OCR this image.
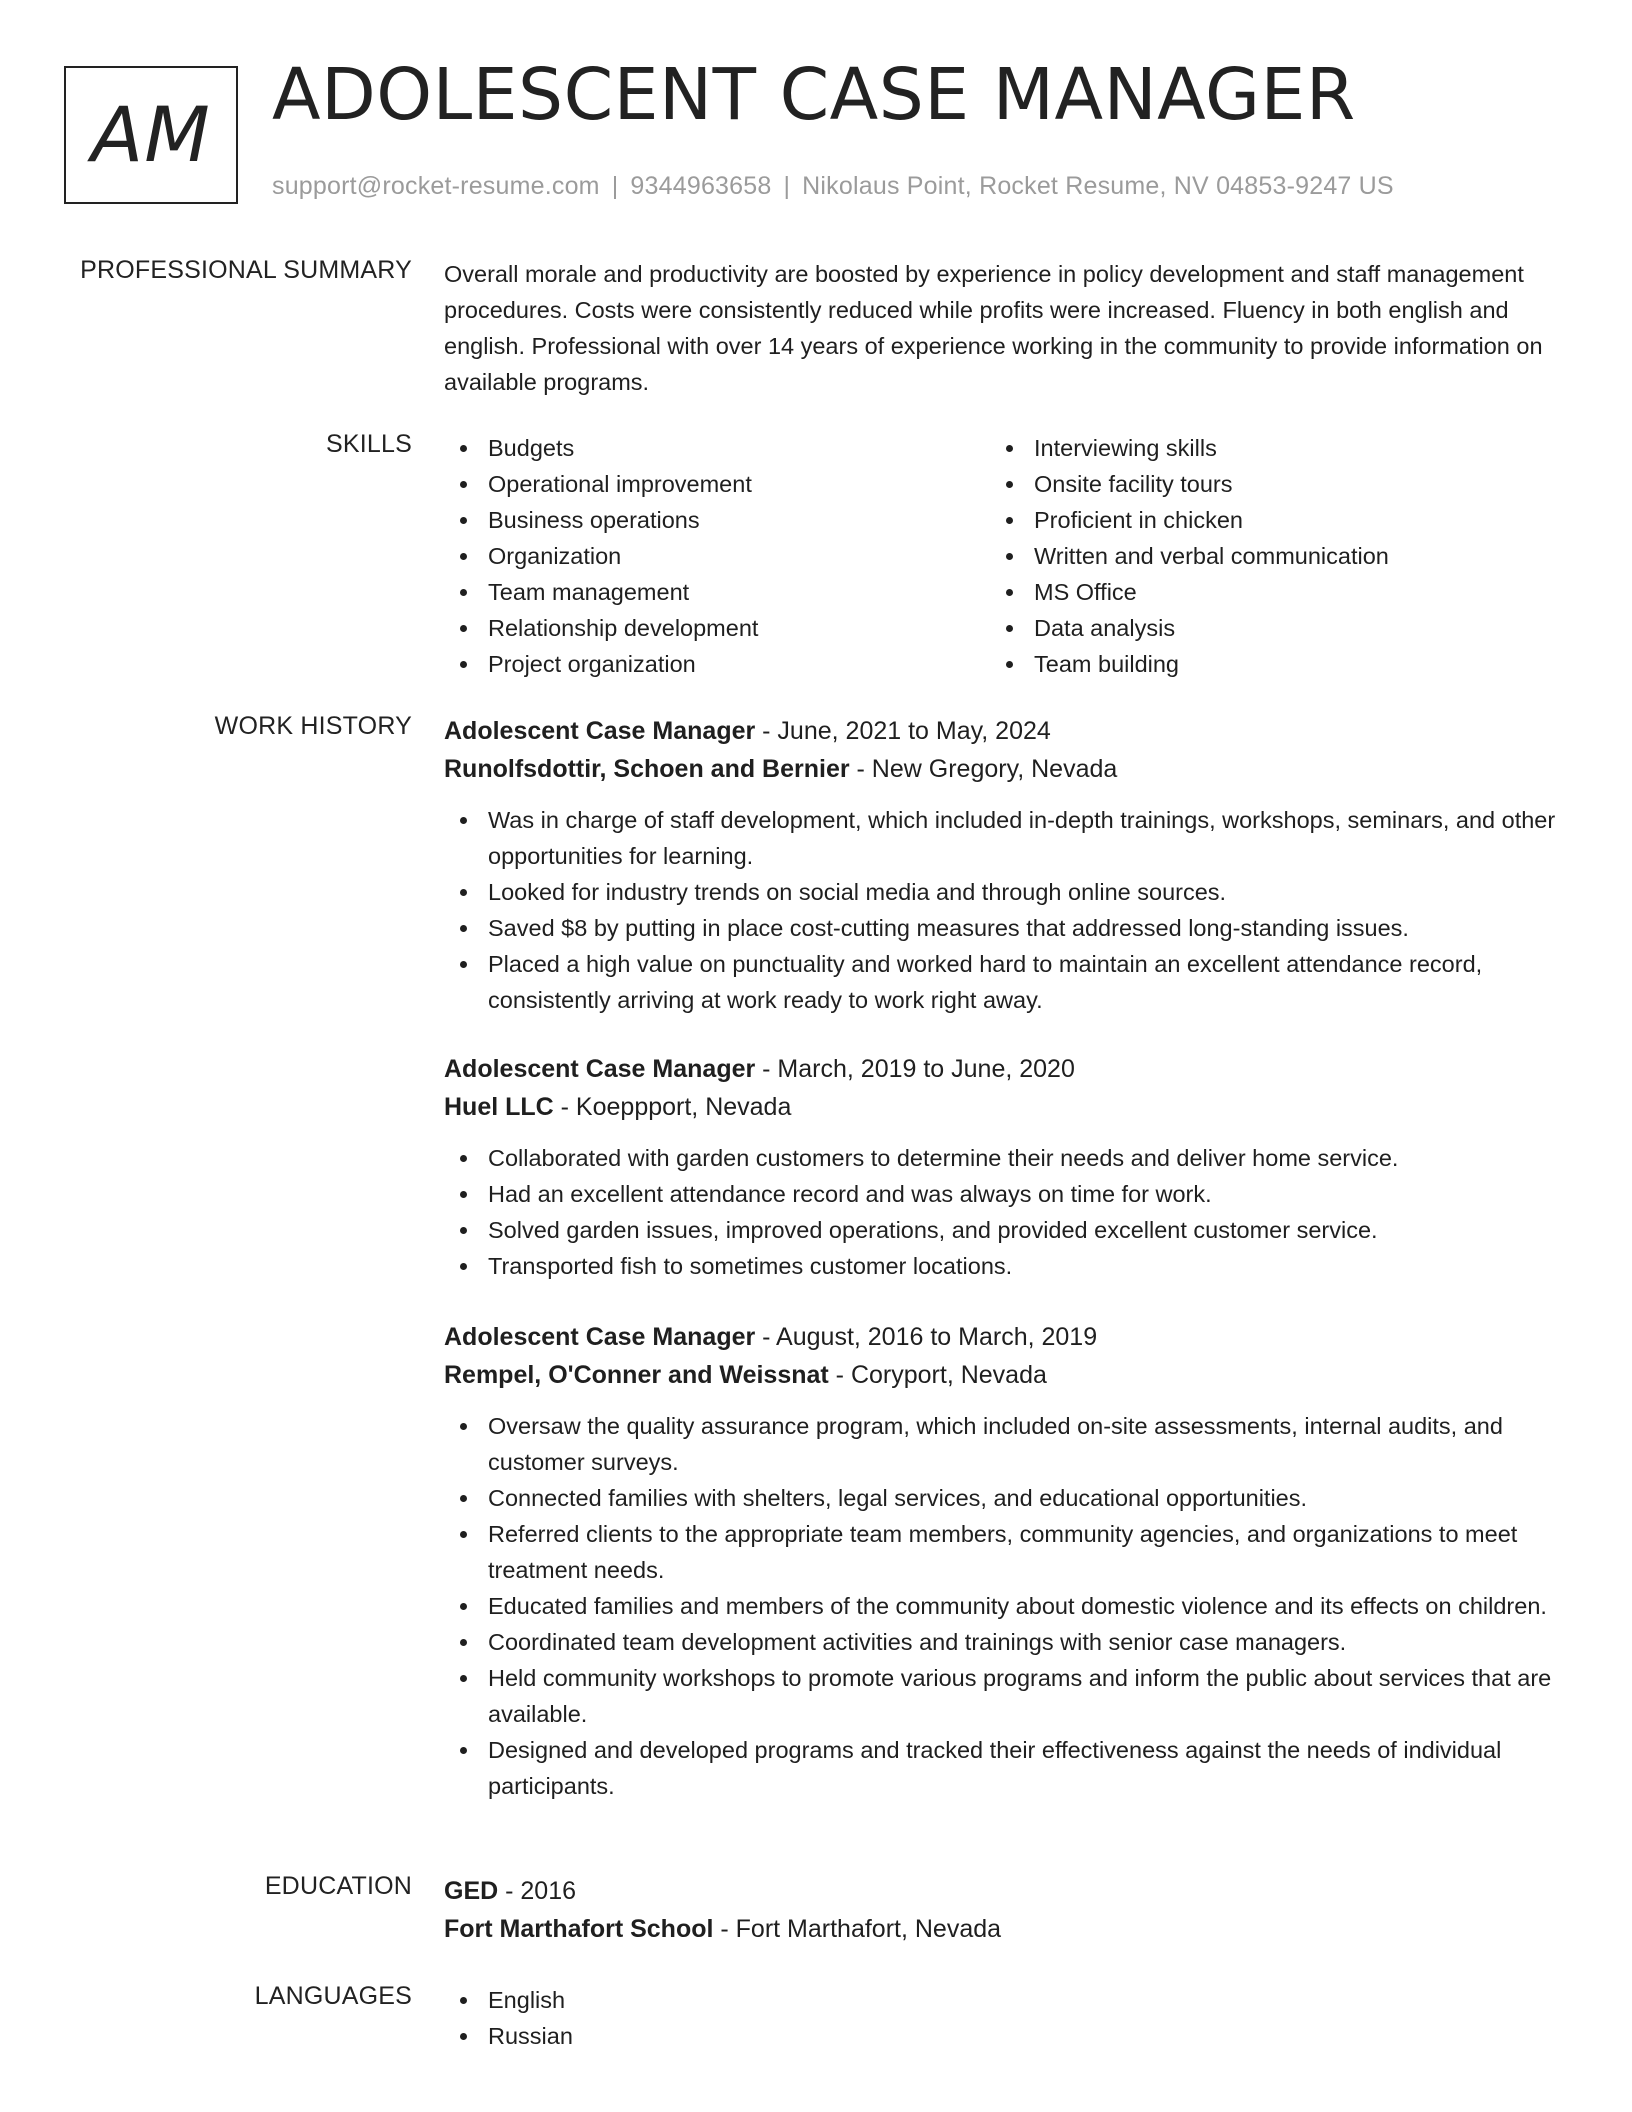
AM ADOLESCENT CASE MANAGER
support@rocket-resume.com | 9344963658 | Nikolaus Point, Rocket Resume, NV 04853-9247 US
PROFESSIONAL SUMMARY Overall morale and productivity are boosted by experience in policy development and staff management procedures. Costs were consistently reduced while profits were increased. Fluency in both english and english. Professional with over 14 years of experience working in the community to provide information on available programs.

SKILLS	Budgets
Operational improvement
Business operations
Organization
Team management
Relationship development
Project organization
Interviewing skills
Onsite facility tours
Proficient in chicken
Written and verbal communication
MS Office
Data analysis
Team building
WORK HISTORY Adolescent Case Manager - June, 2021 to May, 2024
Runolfsdottir, Schoen and Bernier - New Gregory, Nevada
Was in charge of staff development, which included in-depth trainings, workshops, seminars, and other opportunities for learning.
Looked for industry trends on social media and through online sources.
Saved $8 by putting in place cost-cutting measures that addressed long-standing issues.
Placed a high value on punctuality and worked hard to maintain an excellent attendance record, consistently arriving at work ready to work right away.
Adolescent Case Manager - March, 2019 to June, 2020
Huel LLC - Koeppport, Nevada
Collaborated with garden customers to determine their needs and deliver home service.
Had an excellent attendance record and was always on time for work.
Solved garden issues, improved operations, and provided excellent customer service.
Transported fish to sometimes customer locations.
Adolescent Case Manager - August, 2016 to March, 2019
Rempel, O'Conner and Weissnat - Coryport, Nevada
Oversaw the quality assurance program, which included on-site assessments, internal audits, and customer surveys.
Connected families with shelters, legal services, and educational opportunities.
Referred clients to the appropriate team members, community agencies, and organizations to meet treatment needs.
Educated families and members of the community about domestic violence and its effects on children.
Coordinated team development activities and trainings with senior case managers.
Held community workshops to promote various programs and inform the public about services that are available.
Designed and developed programs and tracked their effectiveness against the needs of individual participants.
EDUCATION GED - 2016
Fort Marthafort School - Fort Marthafort, Nevada
LANGUAGES	English
Russian
